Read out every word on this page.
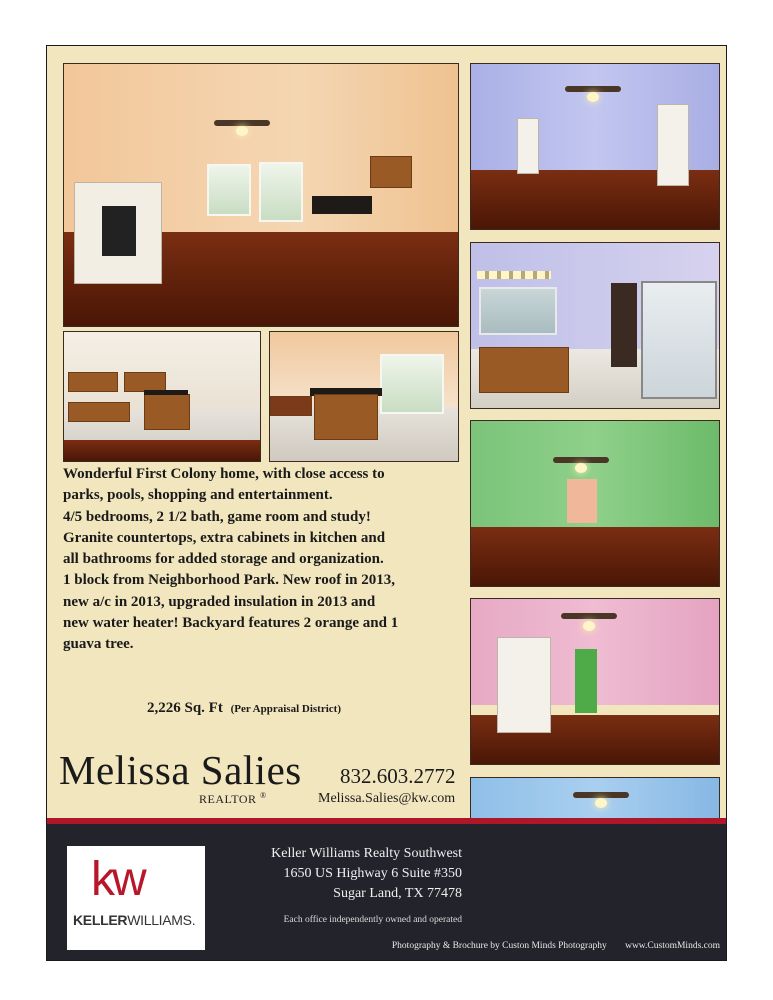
Wonderful First Colony home, with close access to
parks, pools, shopping and entertainment.
4/5 bedrooms, 2 1/2 bath, game room and study!
Granite countertops, extra cabinets in kitchen and
all bathrooms for added storage and organization.
1 block from Neighborhood Park. New roof in 2013,
new a/c in 2013, upgraded insulation in 2013 and
new water heater! Backyard features 2 orange and 1
guava tree.
2,226 Sq. Ft (Per Appraisal District)
Melissa Salies
REALTOR ®
832.603.2772
Melissa.Salies@kw.com
kw
KELLERWILLIAMS.
Keller Williams Realty Southwest
1650 US Highway 6 Suite #350
Sugar Land, TX 77478
Each office independently owned and operated
Photography & Brochure by Custon Minds Photography www.CustomMinds.com
